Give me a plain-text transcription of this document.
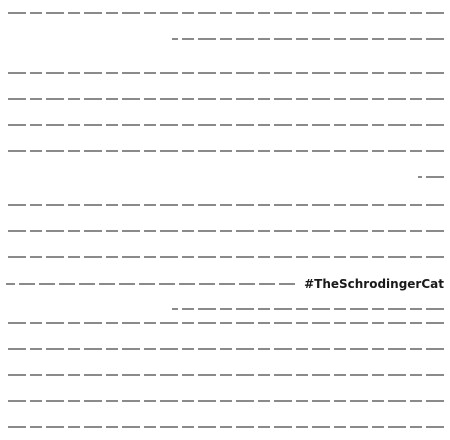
#TheSchrodingerCat
